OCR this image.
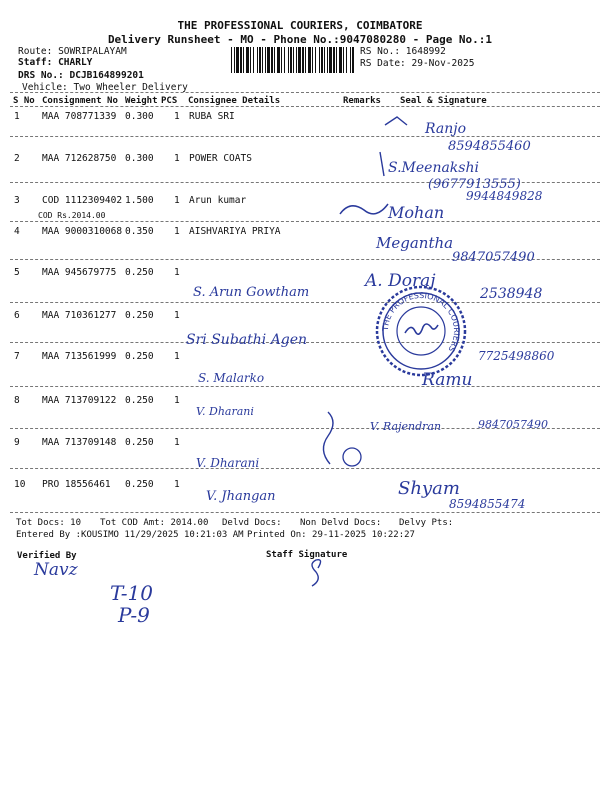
THE PROFESSIONAL COURIERS, COIMBATORE
Delivery Runsheet - MO - Phone No.:9047080280 - Page No.:1
Route: SOWRIPALAYAM
Staff: CHARLY
DRS No.: DCJB164899201
Vehicle: Two Wheeler Delivery
RS No.: 1648992
RS Date: 29-Nov-2025
S No Consignment No Weight PCS Consignee Details	Remarks Seal & Signature
1 MAA 708771339 0.300 1 RUBA SRI
2 MAA 712628750 0.300 1 POWER COATS
3 COD 1112309402 1.500 1 Arun kumar
COD Rs.2014.00
4 MAA 9000310068 0.350 1 AISHVARIYA PRIYA
5 MAA 945679775 0.250 1
6 MAA 710361277 0.250 1
7 MAA 713561999 0.250 1
8 MAA 713709122 0.250 1
9 MAA 713709148 0.250 1
10 PRO 18556461 0.250 1
Tot Docs: 10 Tot COD Amt: 2014.00 Delvd Docs: Non Delvd Docs: Delvy Pts:
Entered By :KOUSIMO 11/29/2025 10:21:03 AM Printed On: 29-11-2025 10:22:27
Verified By	Staff Signature
THE PROFESSIONAL COURIERS
Ranjo
8594855460
S.Meenakshi
(9677913555)
Mohan
9944849828
Megantha
9847057490
S. Arun Gowtham
A. Doraj
2538948
Sri Subathi Agen
S. Malarko	Ramu
7725498860
V. Dharani
V. Rajendran	9847057490
V. Dharani
V. Jhangan	Shyam
8594855474
Navz
T-10
P-9
